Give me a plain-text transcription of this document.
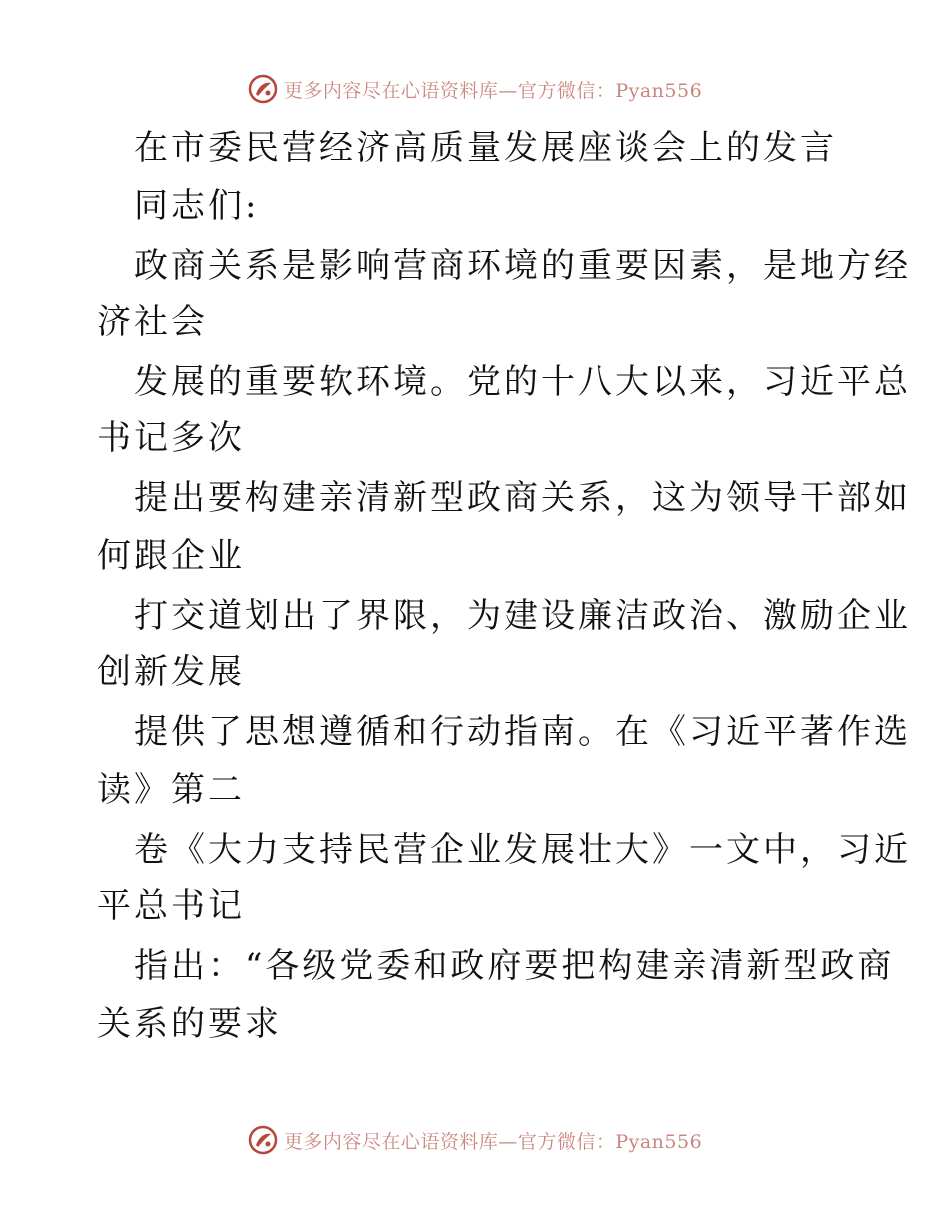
更多内容尽在心语资料库—官方微信：Pyan556
在市委民营经济高质量发展座谈会上的发言
同志们:
政商关系是影响营商环境的重要因素，是地方经
济社会
发展的重要软环境。党的十八大以来，习近平总
书记多次
提出要构建亲清新型政商关系，这为领导干部如
何跟企业
打交道划出了界限，为建设廉洁政治、激励企业
创新发展
提供了思想遵循和行动指南。在《习近平著作选
读》第二
卷《大力支持民营企业发展壮大》一文中，习近
平总书记
指出：“各级党委和政府要把构建亲清新型政商
关系的要求
更多内容尽在心语资料库—官方微信：Pyan556
